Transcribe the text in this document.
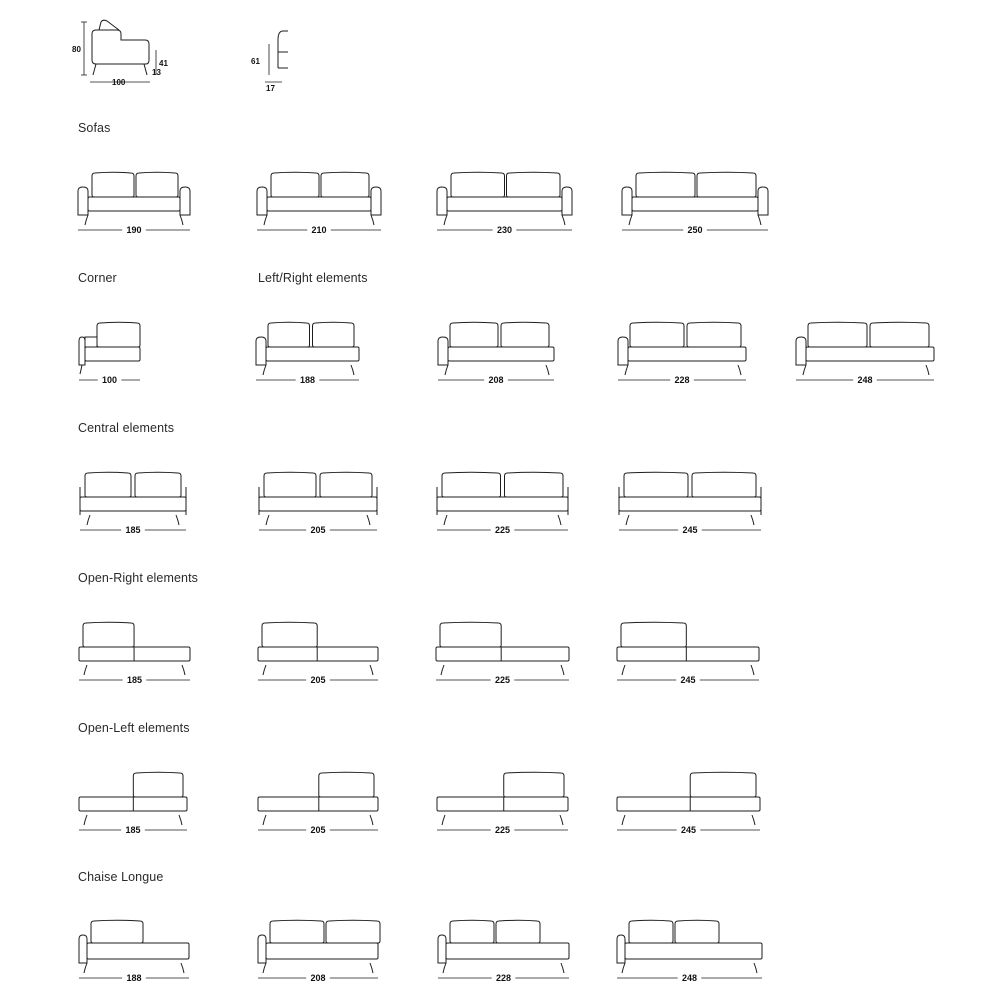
Sofas
Corner	Left/Right elements
Central elements
Open-Right elements
Open-Left elements
Chaise Longue
80
100
41
13
61
17
190	210	230	250
100	188	208	228	248
185	205	225	245
185	205	225	245
185	205	225	245
188	208	228	248
